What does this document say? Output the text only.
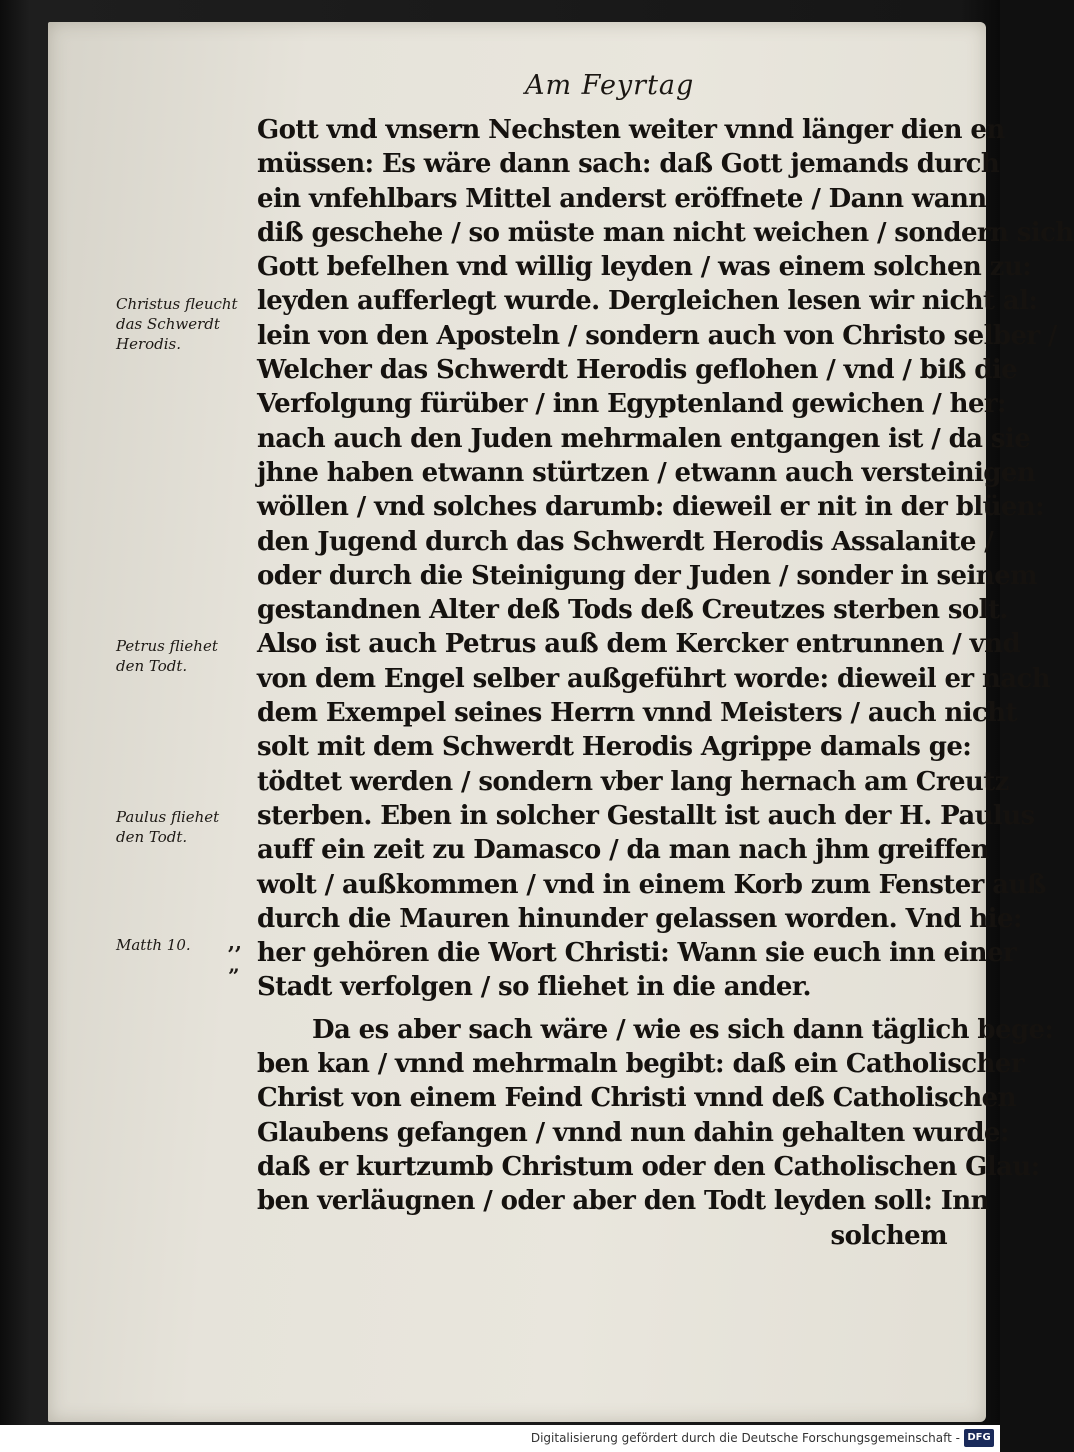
Am Feyrtag
Christus fleucht
das Schwerdt
Herodis.
Petrus fliehet
den Todt.
Paulus fliehet
den Todt.
Matth 10.	,,
”
Gott vnd vnsern Nechsten weiter vnnd länger dien en
müssen: Es wäre dann sach: daß Gott jemands durch
ein vnfehlbars Mittel anderst eröffnete / Dann wann
diß geschehe / so müste man nicht weichen / sondern sich
Gott befelhen vnd willig leyden / was einem solchen zu:
leyden aufferlegt wurde. Dergleichen lesen wir nicht al:
lein von den Aposteln / sondern auch von Christo selber /
Welcher das Schwerdt Herodis geflohen / vnd / biß die
Verfolgung fürüber / inn Egyptenland gewichen / her:
nach auch den Juden mehrmalen entgangen ist / da sie
jhne haben etwann stürtzen / etwann auch versteinigen
wöllen / vnd solches darumb: dieweil er nit in der blüen:
den Jugend durch das Schwerdt Herodis Assalanite /
oder durch die Steinigung der Juden / sonder in seinem
gestandnen Alter deß Tods deß Creutzes sterben solt.
Also ist auch Petrus auß dem Kercker entrunnen / vnd
von dem Engel selber außgeführt worde: dieweil er nach
dem Exempel seines Herrn vnnd Meisters / auch nicht
solt mit dem Schwerdt Herodis Agrippe damals ge:
tödtet werden / sondern vber lang hernach am Creutz
sterben. Eben in solcher Gestallt ist auch der H. Paulus
auff ein zeit zu Damasco / da man nach jhm greiffen
wolt / außkommen / vnd in einem Korb zum Fenster auß
durch die Mauren hinunder gelassen worden. Vnd hie:
her gehören die Wort Christi: Wann sie euch inn einer
Stadt verfolgen / so fliehet in die ander.
Da es aber sach wäre / wie es sich dann täglich bege:
ben kan / vnnd mehrmaln begibt: daß ein Catholischer
Christ von einem Feind Christi vnnd deß Catholischen
Glaubens gefangen / vnnd nun dahin gehalten wurde:
daß er kurtzumb Christum oder den Catholischen Glau:
ben verläugnen / oder aber den Todt leyden soll: Inn
solchem
Digitalisierung gefördert durch die Deutsche Forschungsgemeinschaft - DFG
